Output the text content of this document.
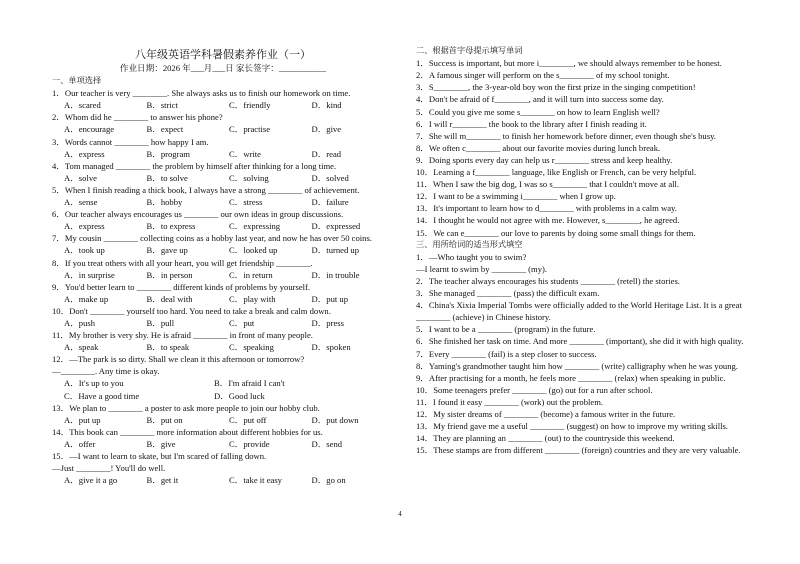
八年级英语学科暑假素养作业（一）
作业日期：2026 年___月___日 家长签字：___________
一、单项选择
1．Our teacher is very ________. She always asks us to finish our homework on time.
A．scared	B．strict	C．friendly	D．kind
2．Whom did he ________ to answer his phone?
A．encourage	B．expect	C．practise	D．give
3．Words cannot ________ how happy I am.
A．express	B．program	C．write	D．read
4．Tom managed ________ the problem by himself after thinking for a long time.
A．solve	B．to solve	C．solving	D．solved
5．When I finish reading a thick book, I always have a strong ________ of achievement.
A．sense	B．hobby	C．stress	D．failure
6．Our teacher always encourages us ________ our own ideas in group discussions.
A．express	B．to express	C．expressing	D．expressed
7．My cousin ________ collecting coins as a hobby last year, and now he has over 50 coins.
A．took up	B．gave up	C．looked up	D．turned up
8．If you treat others with all your heart, you will get friendship ________.
A．in surprise	B．in person	C．in return	D．in trouble
9．You'd better learn to ________ different kinds of problems by yourself.
A．make up	B．deal with	C．play with	D．put up
10．Don't ________ yourself too hard. You need to take a break and calm down.
A．push	B．pull	C．put	D．press
11．My brother is very shy. He is afraid ________ in front of many people.
A．speak	B．to speak	C．speaking	D．spoken
12．—The park is so dirty. Shall we clean it this afternoon or tomorrow?
—________. Any time is okay.
A．It's up to you	B．I'm afraid I can't
C．Have a good time	D．Good luck
13．We plan to ________ a poster to ask more people to join our hobby club.
A．put up	B．put on	C．put off	D．put down
14．This book can ________ more information about different hobbies for us.
A．offer	B．give	C．provide	D．send
15．—I want to learn to skate, but I'm scared of falling down.
—Just ________! You'll do well.
A．give it a go	B．get it	C．take it easy	D．go on
二、根据首字母提示填写单词
1．Success is important, but more i________, we should always remember to be honest.
2．A famous singer will perform on the s________ of my school tonight.
3．S________, the 3-year-old boy won the first prize in the singing competition!
4．Don't be afraid of f________, and it will turn into success some day.
5．Could you give me some s________ on how to learn English well?
6．I will r________ the book to the library after I finish reading it.
7．She will m________ to finish her homework before dinner, even though she's busy.
8．We often c________ about our favorite movies during lunch break.
9．Doing sports every day can help us r________ stress and keep healthy.
10．Learning a f________ language, like English or French, can be very helpful.
11．When I saw the big dog, I was so s________ that I couldn't move at all.
12．I want to be a swimming i________ when I grow up.
13．It's important to learn how to d________ with problems in a calm way.
14．I thought he would not agree with me. However, s________, he agreed.
15．We can e________ our love to parents by doing some small things for them.
三、用所给词的适当形式填空
1．—Who taught you to swim?
—I learnt to swim by ________ (my).
2．The teacher always encourages his students ________ (retell) the stories.
3．She managed ________ (pass) the difficult exam.
4．China's Xixia Imperial Tombs were officially added to the World Heritage List. It is a great ________ (achieve) in Chinese history.
5．I want to be a ________ (program) in the future.
6．She finished her task on time. And more ________ (important), she did it with high quality.
7．Every ________ (fail) is a step closer to success.
8．Yaming's grandmother taught him how ________ (write) calligraphy when he was young.
9．After practising for a month, he feels more ________ (relax) when speaking in public.
10．Some teenagers prefer ________ (go) out for a run after school.
11．I found it easy ________ (work) out the problem.
12．My sister dreams of ________ (become) a famous writer in the future.
13．My friend gave me a useful ________ (suggest) on how to improve my writing skills.
14．They are planning an ________ (out) to the countryside this weekend.
15．These stamps are from different ________ (foreign) countries and they are very valuable.
4
